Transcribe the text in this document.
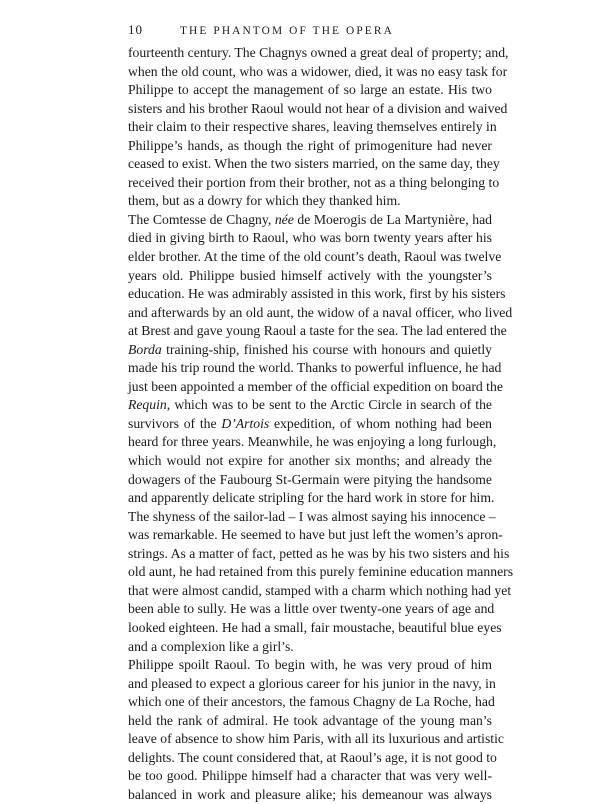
10	THE PHANTOM OF THE OPERA
fourteenth century. The Chagnys owned a great deal of property; and,
when the old count, who was a widower, died, it was no easy task for
Philippe to accept the management of so large an estate. His two
sisters and his brother Raoul would not hear of a division and waived
their claim to their respective shares, leaving themselves entirely in
Philippe’s hands, as though the right of primogeniture had never
ceased to exist. When the two sisters married, on the same day, they
received their portion from their brother, not as a thing belonging to
them, but as a dowry for which they thanked him.
The Comtesse de Chagny, née de Moerogis de La Martynière, had
died in giving birth to Raoul, who was born twenty years after his
elder brother. At the time of the old count’s death, Raoul was twelve
years old. Philippe busied himself actively with the youngster’s
education. He was admirably assisted in this work, first by his sisters
and afterwards by an old aunt, the widow of a naval officer, who lived
at Brest and gave young Raoul a taste for the sea. The lad entered the
Borda training-ship, finished his course with honours and quietly
made his trip round the world. Thanks to powerful influence, he had
just been appointed a member of the official expedition on board the
Requin, which was to be sent to the Arctic Circle in search of the
survivors of the D’Artois expedition, of whom nothing had been
heard for three years. Meanwhile, he was enjoying a long furlough,
which would not expire for another six months; and already the
dowagers of the Faubourg St-Germain were pitying the handsome
and apparently delicate stripling for the hard work in store for him.
The shyness of the sailor-lad – I was almost saying his innocence –
was remarkable. He seemed to have but just left the women’s apron-
strings. As a matter of fact, petted as he was by his two sisters and his
old aunt, he had retained from this purely feminine education manners
that were almost candid, stamped with a charm which nothing had yet
been able to sully. He was a little over twenty-one years of age and
looked eighteen. He had a small, fair moustache, beautiful blue eyes
and a complexion like a girl’s.
Philippe spoilt Raoul. To begin with, he was very proud of him
and pleased to expect a glorious career for his junior in the navy, in
which one of their ancestors, the famous Chagny de La Roche, had
held the rank of admiral. He took advantage of the young man’s
leave of absence to show him Paris, with all its luxurious and artistic
delights. The count considered that, at Raoul’s age, it is not good to
be too good. Philippe himself had a character that was very well-
balanced in work and pleasure alike; his demeanour was always
